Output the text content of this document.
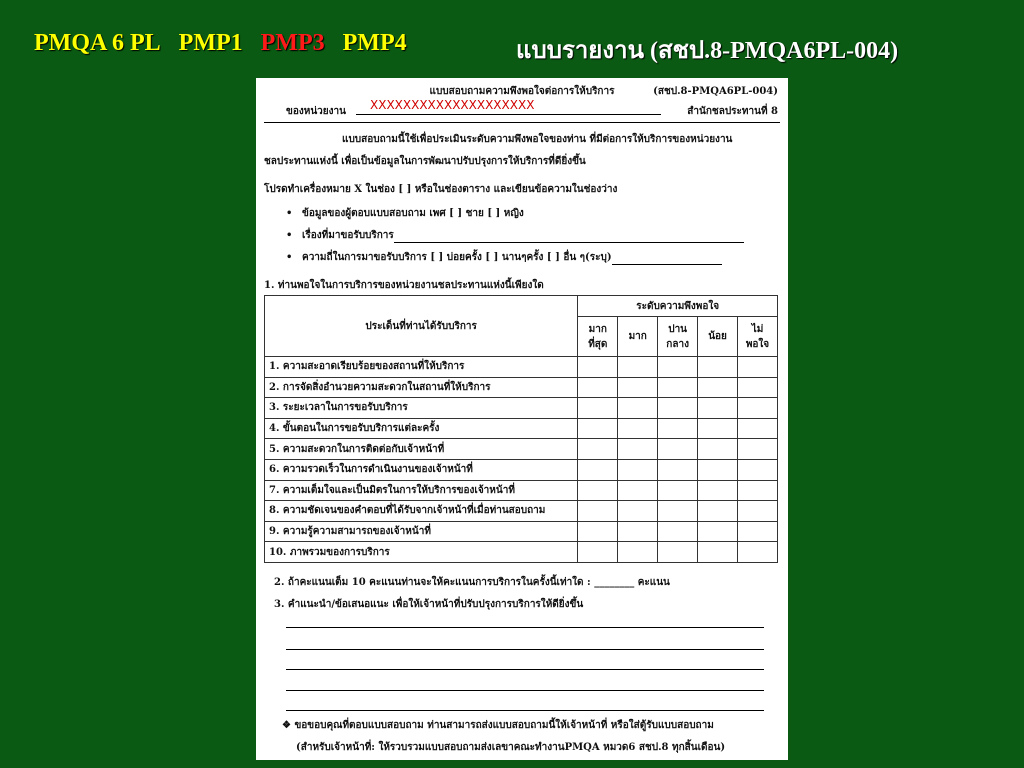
PMQA 6 PL PMP1 PMP3 PMP4	แบบรายงาน (สชป.8-PMQA6PL-004)
แบบสอบถามความพึงพอใจต่อการให้บริการ	(สชป.8-PMQA6PL-004)
ของหน่วยงาน XXXXXXXXXXXXXXXXXXXX	สำนักชลประทานที่ 8
แบบสอบถามนี้ใช้เพื่อประเมินระดับความพึงพอใจของท่าน ที่มีต่อการให้บริการของหน่วยงาน
ชลประทานแห่งนี้ เพื่อเป็นข้อมูลในการพัฒนาปรับปรุงการให้บริการที่ดียิ่งขึ้น
โปรดทำเครื่องหมาย X ในช่อง [ ] หรือในช่องตาราง และเขียนข้อความในช่องว่าง
• ข้อมูลของผู้ตอบแบบสอบถาม เพศ [ ] ชาย [ ] หญิง
• เรื่องที่มาขอรับบริการ
• ความถี่ในการมาขอรับบริการ [ ] บ่อยครั้ง [ ] นานๆครั้ง [ ] อื่น ๆ(ระบุ)
1. ท่านพอใจในการบริการของหน่วยงานชลประทานแห่งนี้เพียงใด
ประเด็นที่ท่านได้รับบริการ	ระดับความพึงพอใจ				
	มาก ที่สุด	มาก	ปาน กลาง	น้อย	ไม่ พอใจ
1. ความสะอาดเรียบร้อยของสถานที่ให้บริการ					
2. การจัดสิ่งอำนวยความสะดวกในสถานที่ให้บริการ					
3. ระยะเวลาในการขอรับบริการ					
4. ขั้นตอนในการขอรับบริการแต่ละครั้ง					
5. ความสะดวกในการติดต่อกับเจ้าหน้าที่					
6. ความรวดเร็วในการดำเนินงานของเจ้าหน้าที่					
7. ความเต็มใจและเป็นมิตรในการให้บริการของเจ้าหน้าที่					
8. ความชัดเจนของคำตอบที่ได้รับจากเจ้าหน้าที่เมื่อท่านสอบถาม					
9. ความรู้ความสามารถของเจ้าหน้าที่					
10. ภาพรวมของการบริการ					
2. ถ้าคะแนนเต็ม 10 คะแนนท่านจะให้คะแนนการบริการในครั้งนี้เท่าใด : ________ คะแนน
3. คำแนะนำ/ข้อเสนอแนะ เพื่อให้เจ้าหน้าที่ปรับปรุงการบริการให้ดียิ่งขึ้น
❖ ขอขอบคุณที่ตอบแบบสอบถาม ท่านสามารถส่งแบบสอบถามนี้ให้เจ้าหน้าที่ หรือใส่ตู้รับแบบสอบถาม
(สำหรับเจ้าหน้าที่: ให้รวบรวมแบบสอบถามส่งเลขาคณะทำงานPMQA หมวด6 สชป.8 ทุกสิ้นเดือน)
